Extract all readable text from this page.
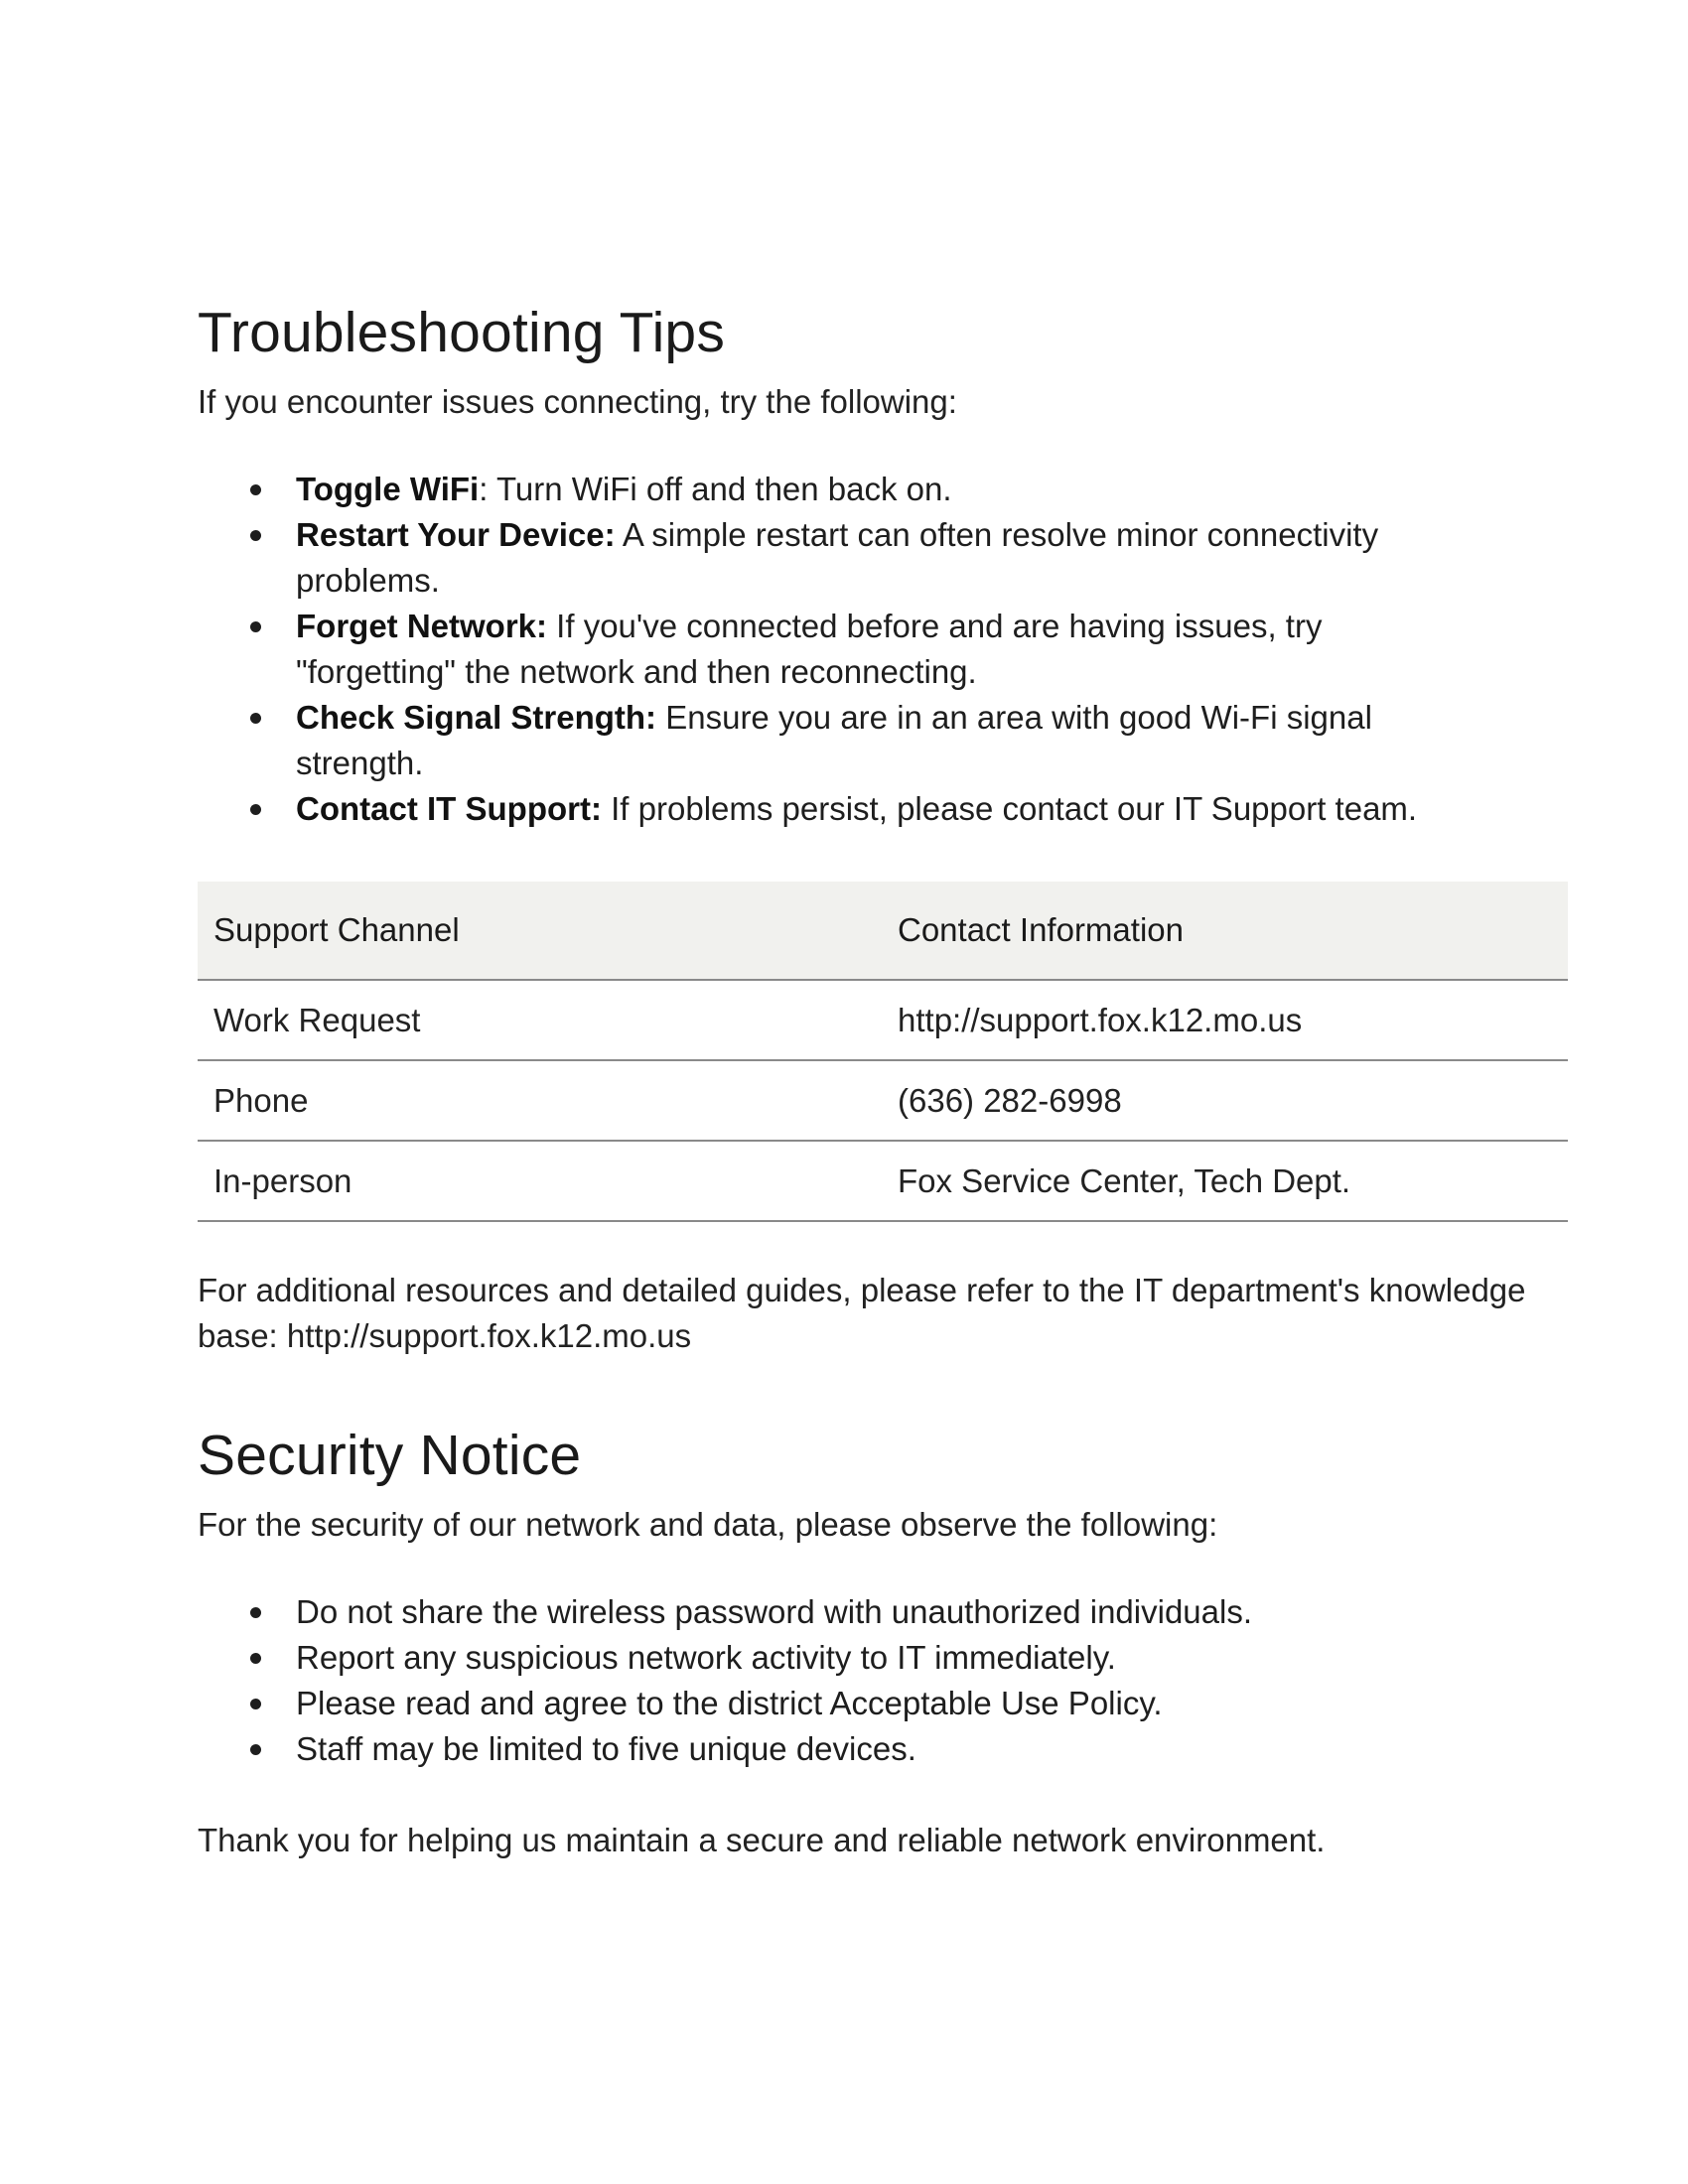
Troubleshooting Tips

If you encounter issues connecting, try the following:

Toggle WiFi: Turn WiFi off and then back on.
Restart Your Device: A simple restart can often resolve minor connectivity problems.
Forget Network: If you've connected before and are having issues, try "forgetting" the network and then reconnecting.
Check Signal Strength: Ensure you are in an area with good Wi-Fi signal strength.
Contact IT Support: If problems persist, please contact our IT Support team.
Support Channel	Contact Information
Work Request	http://support.fox.k12.mo.us
Phone	(636) 282-6998
In-person	Fox Service Center, Tech Dept.

For additional resources and detailed guides, please refer to the IT department's knowledge base: http://support.fox.k12.mo.us

Security Notice

For the security of our network and data, please observe the following:

Do not share the wireless password with unauthorized individuals.
Report any suspicious network activity to IT immediately.
Please read and agree to the district Acceptable Use Policy.
Staff may be limited to five unique devices.

Thank you for helping us maintain a secure and reliable network environment.
